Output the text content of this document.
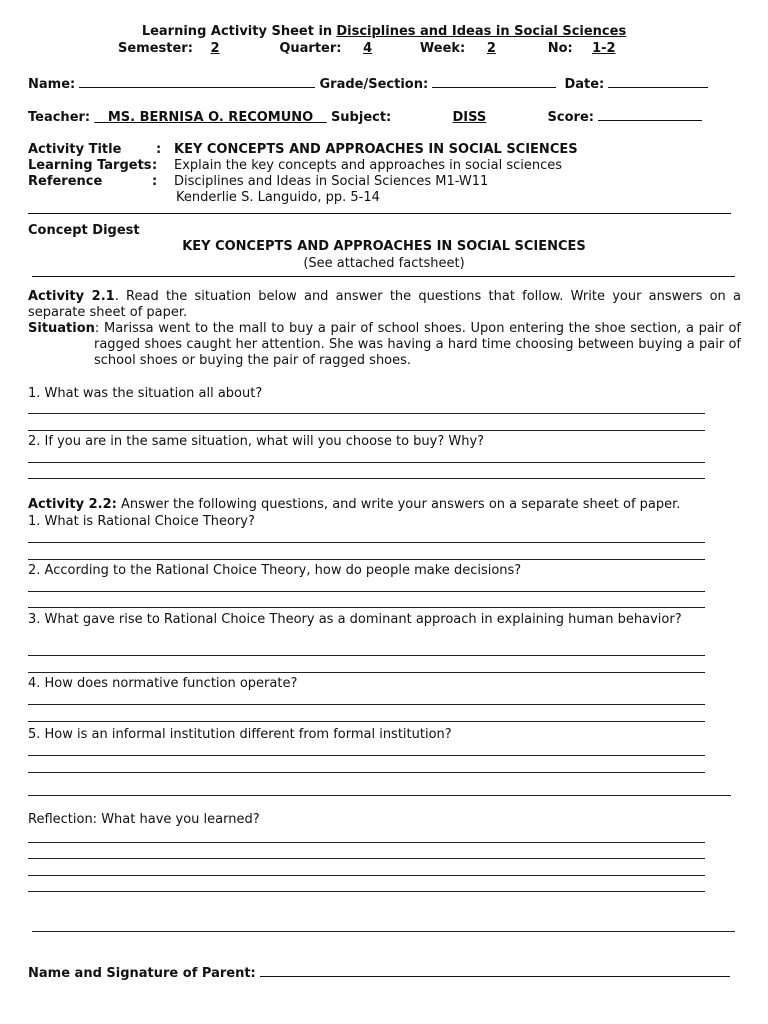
Learning Activity Sheet in Disciplines and Ideas in Social Sciences
Semester: 2	Quarter: 4	Week: 2	No: 1-2
Name:	Grade/Section:	Date:
Teacher: MS. BERNISA O. RECOMUNO Subject:	DISS	Score:
Activity Title	: KEY CONCEPTS AND APPROACHES IN SOCIAL SCIENCES
Learning Targets: Explain the key concepts and approaches in social sciences
Reference	: Disciplines and Ideas in Social Sciences M1-W11
Kenderlie S. Languido, pp. 5-14
Concept Digest
KEY CONCEPTS AND APPROACHES IN SOCIAL SCIENCES
(See attached factsheet)
Activity 2.1. Read the situation below and answer the questions that follow. Write your answers on a separate sheet of paper.
Situation: Marissa went to the mall to buy a pair of school shoes. Upon entering the shoe section, a pair of ragged shoes caught her attention. She was having a hard time choosing between buying a pair of school shoes or buying the pair of ragged shoes.
1. What was the situation all about?
2. If you are in the same situation, what will you choose to buy? Why?
Activity 2.2: Answer the following questions, and write your answers on a separate sheet of paper.
1. What is Rational Choice Theory?
2. According to the Rational Choice Theory, how do people make decisions?
3. What gave rise to Rational Choice Theory as a dominant approach in explaining human behavior?
4. How does normative function operate?
5. How is an informal institution different from formal institution?
Reflection: What have you learned?
Name and Signature of Parent:
